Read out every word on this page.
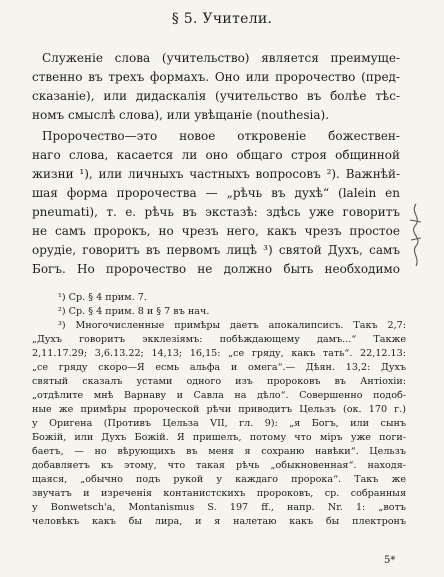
§ 5. Учители.
Служеніе слова (учительство) является преимуще-
ственно въ трехъ формахъ. Оно или пророчество (пред-
сказаніе), или дидаскалія (учительство въ болѣе тѣс-
номъ смыслѣ слова), или увѣщаніе (nouthesia).
Пророчество—это новое откровеніе божествен-
наго слова, касается ли оно общаго строя общинной
жизни ¹), или личныхъ частныхъ вопросовъ ²). Важнѣй-
шая форма пророчества — „рѣчь въ духѣ“ (lalein en
pneumati), т. е. рѣчь въ экстазѣ: здѣсь уже говоритъ
не самъ пророкъ, но чрезъ него, какъ чрезъ простое
орудіе, говоритъ въ первомъ лицѣ ³) святой Духъ, самъ
Богъ. Но пророчество не должно быть необходимо
¹) Ср. § 4 прим. 7.
²) Ср. § 4 прим. 8 и § 7 въ нач.
³) Многочисленные примѣры даетъ апокалипсисъ. Такъ 2,7:
„Духъ говоритъ экклезіямъ: побѣждающему дамъ...“ Также
2,11.17.29; 3,6.13.22; 14,13; 16,15: „се гряду, какъ тать“. 22,12.13:
„се гряду скоро—Я есмь альфа и омега“.— Дѣян. 13,2: Духъ
святый сказалъ устами одного изъ пророковъ въ Антіохіи:
„отдѣлите мнѣ Варнаву и Савла на дѣло“. Совершенно подоб-
ные же примѣры пророческой рѣчи приводитъ Цельзъ (ок. 170 г.)
у Оригена (Противъ Цельза VII, гл. 9): „я Богъ, или сынъ
Божій, или Духъ Божій. Я пришелъ, потому что міръ уже поги-
баетъ, — но вѣрующихъ въ меня я сохраню навѣки“. Цельзъ
добавляетъ къ этому, что такая рѣчь „обыкновенная“. находя-
щаяся, „обычно подъ рукой у каждаго пророка“. Такъ же
звучатъ и изреченія контанистскихъ пророковъ, ср. собранныя
у Bonwetsch'a, Montanismus S. 197 ff., напр. Nr. 1: „вотъ
человѣкъ какъ бы лира, и я налетаю какъ бы плектронъ
5*
